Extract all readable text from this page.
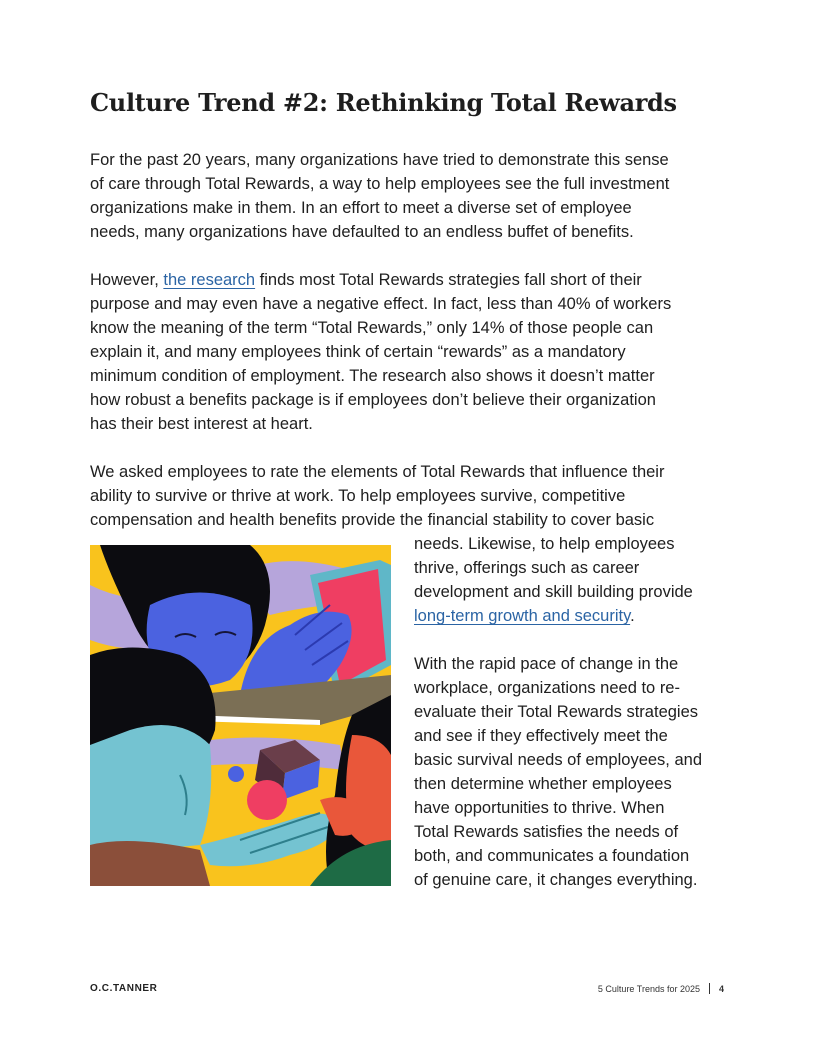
Culture Trend #2: Rethinking Total Rewards

For the past 20 years, many organizations have tried to demonstrate this sense
of care through Total Rewards, a way to help employees see the full investment
organizations make in them. In an effort to meet a diverse set of employee
needs, many organizations have defaulted to an endless buffet of benefits.

However, the research finds most Total Rewards strategies fall short of their
purpose and may even have a negative effect. In fact, less than 40% of workers
know the meaning of the term “Total Rewards,” only 14% of those people can
explain it, and many employees think of certain “rewards” as a mandatory
minimum condition of employment. The research also shows it doesn’t matter
how robust a benefits package is if employees don’t believe their organization
has their best interest at heart.

We asked employees to rate the elements of Total Rewards that influence their
ability to survive or thrive at work. To help employees survive, competitive
compensation and health benefits provide the financial stability to cover basic

needs. Likewise, to help employees
thrive, offerings such as career
development and skill building provide
long-term growth and security.

With the rapid pace of change in the
workplace, organizations need to re-
evaluate their Total Rewards strategies
and see if they effectively meet the
basic survival needs of employees, and
then determine whether employees
have opportunities to thrive. When
Total Rewards satisfies the needs of
both, and communicates a foundation
of genuine care, it changes everything.

O.C.TANNER	5 Culture Trends for 2025 4
